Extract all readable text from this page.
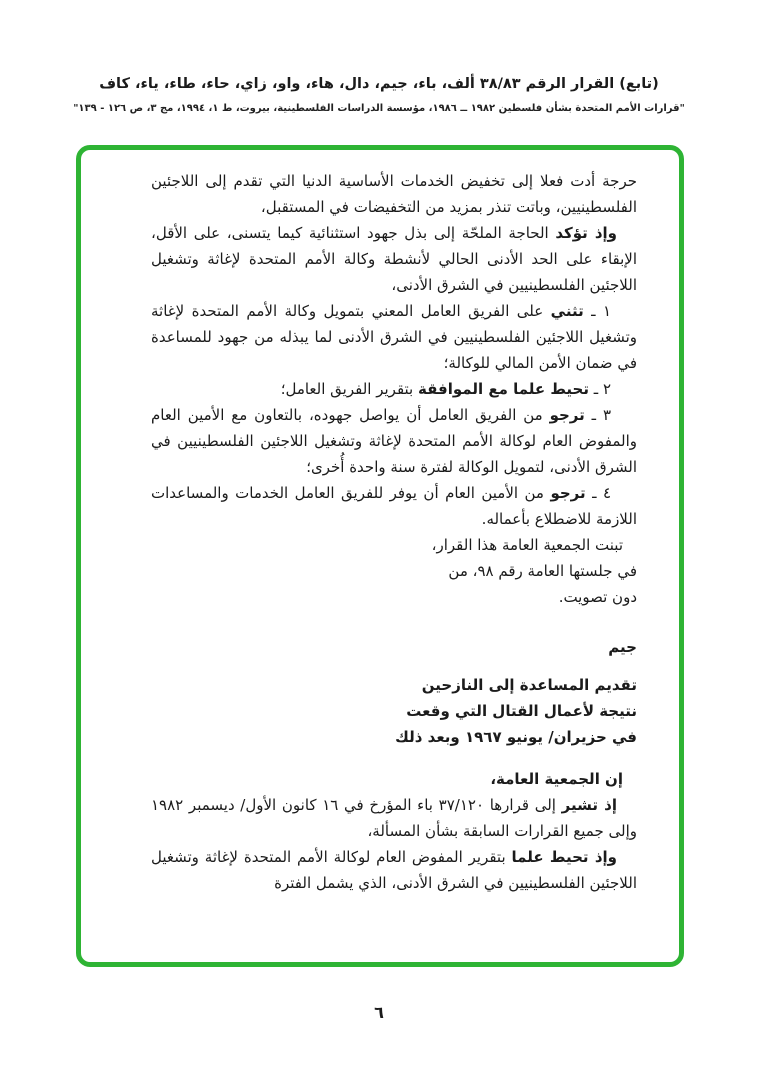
(تابع) القرار الرقم ٣٨/٨٣ ألف، باء، جيم، دال، هاء، واو، زاي، حاء، طاء، ياء، كاف
"قرارات الأمم المتحدة بشأن فلسطين ١٩٨٢ ــ ١٩٨٦، مؤسسة الدراسات الفلسطينية، بيروت، ط ١، ١٩٩٤، مج ٣، ص ١٢٦ - ١٣٩"

حرجة أدت فعلا إلى تخفيض الخدمات الأساسية الدنيا التي تقدم إلى اللاجئين الفلسطينيين، وباتت تنذر بمزيد من التخفيضات في المستقبل،

وإذ تؤكد الحاجة الملحّة إلى بذل جهود استثنائية كيما يتسنى، على الأقل، الإبقاء على الحد الأدنى الحالي لأنشطة وكالة الأمم المتحدة لإغاثة وتشغيل اللاجئين الفلسطينيين في الشرق الأدنى،

١ ـ تثني على الفريق العامل المعني بتمويل وكالة الأمم المتحدة لإغاثة وتشغيل اللاجئين الفلسطينيين في الشرق الأدنى لما يبذله من جهود للمساعدة في ضمان الأمن المالي للوكالة؛

٢ ـ تحيط علما مع الموافقة بتقرير الفريق العامل؛

٣ ـ ترجو من الفريق العامل أن يواصل جهوده، بالتعاون مع الأمين العام والمفوض العام لوكالة الأمم المتحدة لإغاثة وتشغيل اللاجئين الفلسطينيين في الشرق الأدنى، لتمويل الوكالة لفترة سنة واحدة أُخرى؛

٤ ـ ترجو من الأمين العام أن يوفر للفريق العامل الخدمات والمساعدات اللازمة للاضطلاع بأعماله.

تبنت الجمعية العامة هذا القرار،

في جلستها العامة رقم ٩٨، من

دون تصويت.

جيم

تقديم المساعدة إلى النازحين

نتيجة لأعمال القتال التي وقعت

في حزيران/ يونيو ١٩٦٧ وبعد ذلك

إن الجمعية العامة،

إذ تشير إلى قرارها ٣٧/١٢٠ باء المؤرخ في ١٦ كانون الأول/ ديسمبر ١٩٨٢ وإلى جميع القرارات السابقة بشأن المسألة،

وإذ تحيط علما بتقرير المفوض العام لوكالة الأمم المتحدة لإغاثة وتشغيل اللاجئين الفلسطينيين في الشرق الأدنى، الذي يشمل الفترة

٦
